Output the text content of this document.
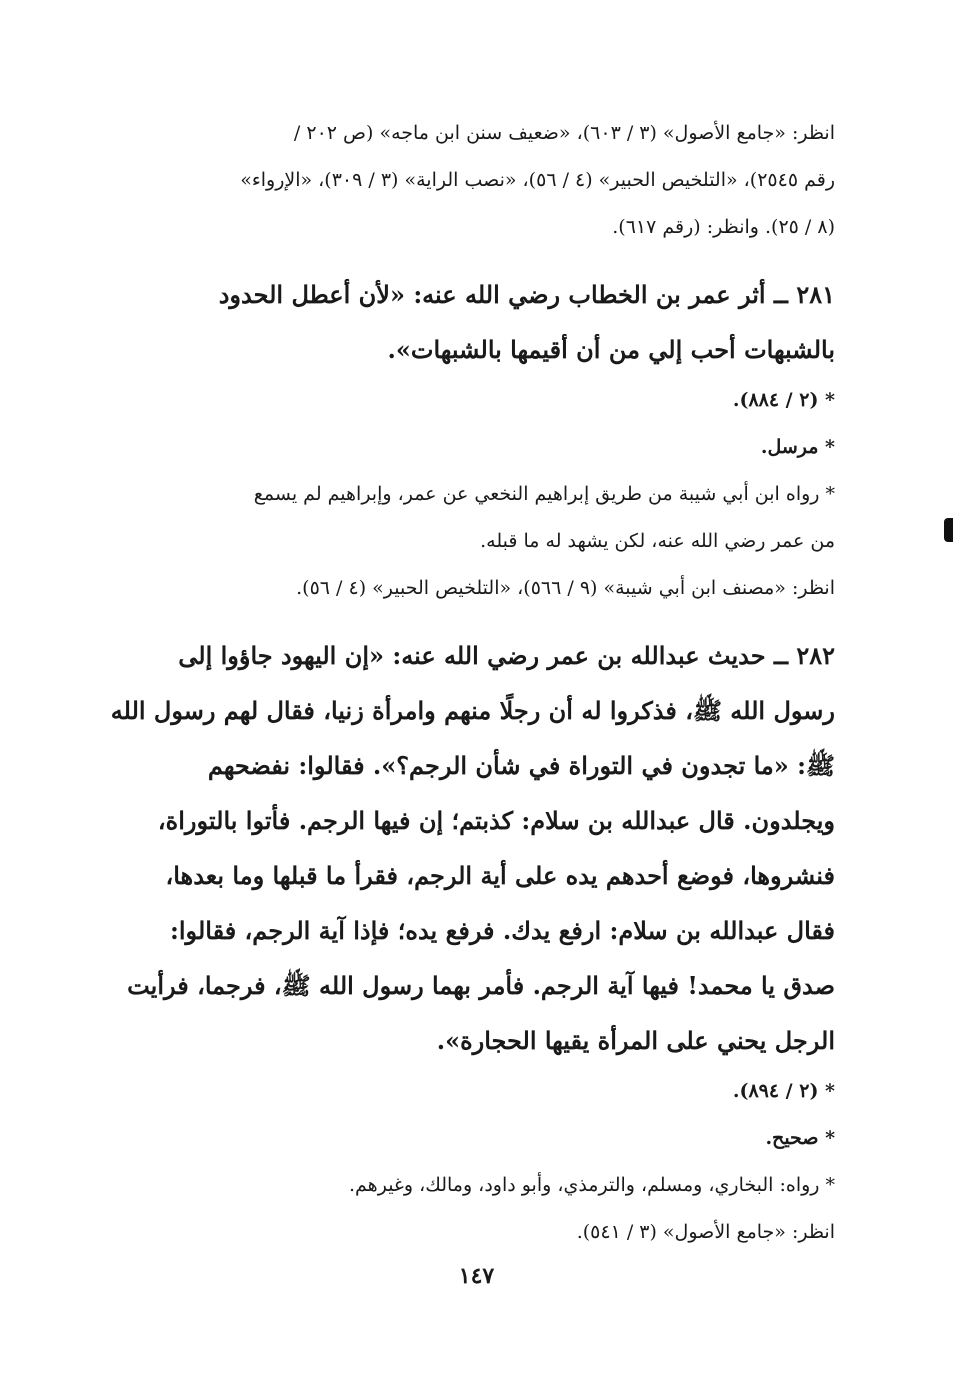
انظر: «جامع الأصول» (٣ / ٦٠٣)، «ضعيف سنن ابن ماجه» (ص ٢٠٢ /

رقم ٢٥٤٥)، «التلخيص الحبير» (٤ / ٥٦)، «نصب الراية» (٣ / ٣٠٩)، «الإرواء»

(٨ / ٢٥). وانظر: (رقم ٦١٧).

٢٨١ ــ أثر عمر بن الخطاب رضي الله عنه: «لأن أعطل الحدود

بالشبهات أحب إلي من أن أقيمها بالشبهات».

* (٢ / ٨٨٤).

* مرسل.

* رواه ابن أبي شيبة من طريق إبراهيم النخعي عن عمر، وإبراهيم لم يسمع

من عمر رضي الله عنه، لكن يشهد له ما قبله.

انظر: «مصنف ابن أبي شيبة» (٩ / ٥٦٦)، «التلخيص الحبير» (٤ / ٥٦).

٢٨٢ ــ حديث عبدالله بن عمر رضي الله عنه: «إن اليهود جاؤوا إلى

رسول الله ﷺ، فذكروا له أن رجلًا منهم وامرأة زنيا، فقال لهم رسول الله

ﷺ: «ما تجدون في التوراة في شأن الرجم؟». فقالوا: نفضحهم

ويجلدون. قال عبدالله بن سلام: كذبتم؛ إن فيها الرجم. فأتوا بالتوراة،

فنشروها، فوضع أحدهم يده على أية الرجم، فقرأ ما قبلها وما بعدها،

فقال عبدالله بن سلام: ارفع يدك. فرفع يده؛ فإذا آية الرجم، فقالوا:

صدق يا محمد! فيها آية الرجم. فأمر بهما رسول الله ﷺ، فرجما، فرأيت

الرجل يحني على المرأة يقيها الحجارة».

* (٢ / ٨٩٤).

* صحيح.

* رواه: البخاري، ومسلم، والترمذي، وأبو داود، ومالك، وغيرهم.

انظر: «جامع الأصول» (٣ / ٥٤١).

١٤٧
